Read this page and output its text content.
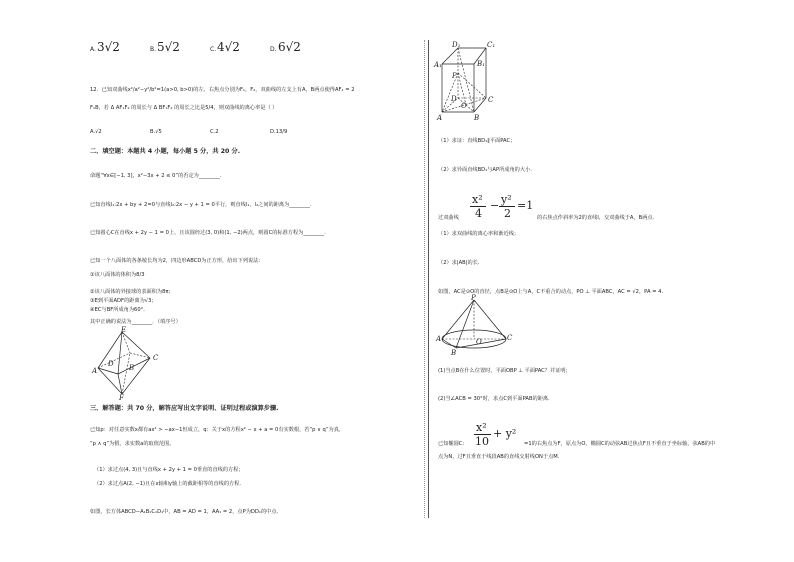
A. 3√2	B. 5√2	C. 4√2	D. 6√2
12．已知双曲线x²/a²−y²/b²=1(a>0, b>0)的左、右焦点分别为F₁，F₂，双曲线的左支上有A，B两点使得AF₁ = 2
F₁B，若 Δ AF₁F₂ 的周长与 Δ BF₁F₂ 的周长之比是5/4，则双曲线的离心率是（ ）
A.√2	B.√5	C.2	D.13/9
二、填空题：本题共 4 小题，每小题 5 分，共 20 分.
命题“∀x∈[−1, 3]，x²−3x + 2 ≤ 0”的否定为________.
已知直线l₁:2x + by + 2=0与直线l₂:2x − y + 1 = 0平行，则直线l₁，l₂之间的距离为________.
已知圆心C在直线x + 2y − 1 = 0上，且该圆经过(3, 0)和(1, −2)两点，则圆C的标准方程为________.
已知一个八面体的各条棱长均为2，四边形ABCD为正方形，给出下列说法：
①该八面体的体积为8/3
②该八面体的外接球的表面积为8π；
③E到平面ADF的距离为√3；
④EC与BF所成角为60°.
其中正确的说法为________．（填序号）
E
D
C
A	B
F
三、解答题：共 70 分，解答应写出文字说明、证明过程或演算步骤.
已知p：对任意实数x都有ax² > −ax−1恒成立，q：关于x的方程x² − x + a = 0有实数根，若“p ∨ q”为真，
“p ∧ q”为假，求实数a的取值范围。
（1）求过点(4, 3)且与直线x + 2y + 1 = 0垂直的直线的方程；
（2）求过点A(2, −1)且在x轴和y轴上的截距相等的直线的方程.
如图，长方体ABCD−A₁B₁C₁D₁中，AB = AD = 1，AA₁ = 2，点P为DD₁的中点.
D₁	C₁
A₁	B₁
P
D	C
O
A	B
（1）求证：直线BD₁∥平面PAC；
（2）求异面直线BD₁与AP所成角的大小.
过双曲线
x²
4
− y²
2
=1
的右焦点作斜率为2的直线l，交双曲线于A，B两点.
（1）求双曲线的离心率和渐近线；
（2）求|AB|的长.
如图，AC是⊙O的直径，点B是⊙O上与A，C不重合的动点，PO ⊥ 平面ABC，AC = √2，PA = 4.
P
A	O	C
B
(1)当点B在什么位置时，平面OBP ⊥ 平面PAC？并证明；
(2)当∠ACB = 30°时，求点C到平面PAB的距离.
已知椭圆C:
x²
10
+ y²
=1的右焦点为F，原点为O，椭圆C的动弦AB过焦点F且不垂直于坐标轴，弦AB的中
点为N，过F且垂直于线段AB的直线交射线ON于点M.
